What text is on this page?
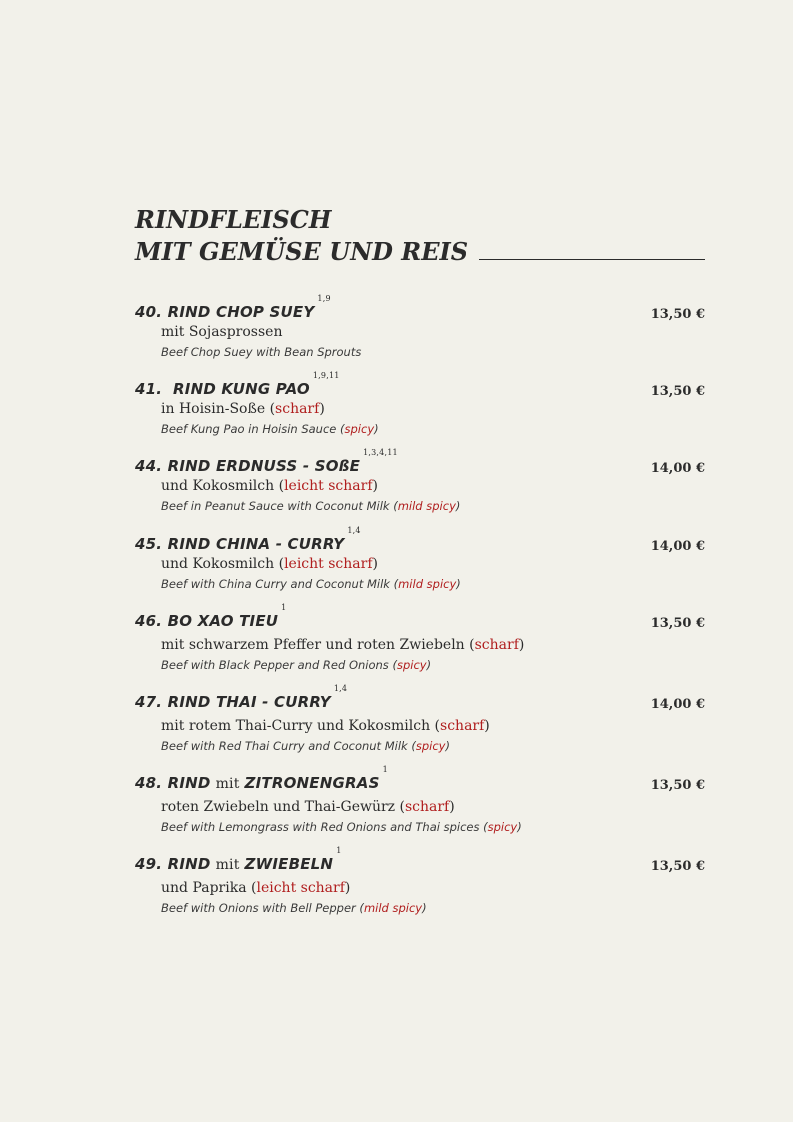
RINDFLEISCH
MIT GEMÜSE UND REIS
40.
RIND CHOP SUEY
$^{1,9}$
13,50 €
mit Sojasprossen
Beef Chop Suey with Bean Sprouts
41.
RIND KUNG PAO
$^{1,9,11}$
13,50 €
in Hoisin-Soße (scharf)
Beef Kung Pao in Hoisin Sauce (spicy)
44.
RIND ERDNUSS - SOßE
$^{1,3,4,11}$
14,00 €
und Kokosmilch (leicht scharf)
Beef in Peanut Sauce with Coconut Milk (mild spicy)
45.
RIND CHINA - CURRY
$^{1,4}$
14,00 €
und Kokosmilch (leicht scharf)
Beef with China Curry and Coconut Milk (mild spicy)
46.
BO XAO TIEU
$^1$
13,50 €
mit schwarzem Pfeffer und roten Zwiebeln (scharf)
Beef with Black Pepper and Red Onions (spicy)
47.
RIND THAI - CURRY
$^{1,4}$
14,00 €
mit rotem Thai-Curry und Kokosmilch (scharf)
Beef with Red Thai Curry and Coconut Milk (spicy)
48.
RIND mit ZITRONENGRAS
$^1$
13,50 €
roten Zwiebeln und Thai-Gewürz (scharf)
Beef with Lemongrass with Red Onions and Thai spices (spicy)
49.
RIND mit ZWIEBELN
$^1$
13,50 €
und Paprika (leicht scharf)
Beef with Onions with Bell Pepper (mild spicy)
